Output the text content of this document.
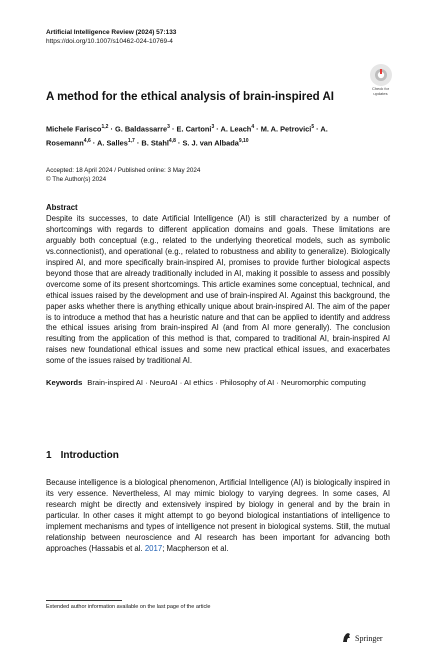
Artificial Intelligence Review (2024) 57:133
https://doi.org/10.1007/s10462-024-10769-4
Check for
updates
A method for the ethical analysis of brain-inspired AI
Michele Farisco$^{1,2}$ · G. Baldassarre$^3$ · E. Cartoni$^3$ · A. Leach$^4$ · M. A. Petrovici$^5$ · A. Rosemann$^{4,6}$ · A. Salles$^{1,7}$ · B. Stahl$^{4,8}$ · S. J. van Albada$^{9,10}$
Accepted: 18 April 2024 / Published online: 3 May 2024
© The Author(s) 2024
Abstract
Despite its successes, to date Artificial Intelligence (AI) is still characterized by a number of shortcomings with regards to different application domains and goals. These limitations are arguably both conceptual (e.g., related to the underlying theoretical models, such as symbolic vs.connectionist), and operational (e.g., related to robustness and ability to generalize). Biologically inspired AI, and more specifically brain-inspired AI, promises to provide further biological aspects beyond those that are already traditionally included in AI, making it possible to assess and possibly overcome some of its present shortcomings. This article examines some conceptual, technical, and ethical issues raised by the development and use of brain-inspired AI. Against this background, the paper asks whether there is anything ethically unique about brain-inspired AI. The aim of the paper is to introduce a method that has a heuristic nature and that can be applied to identify and address the ethical issues arising from brain-inspired AI (and from AI more generally). The conclusion resulting from the application of this method is that, compared to traditional AI, brain-inspired AI raises new foundational ethical issues and some new practical ethical issues, and exacerbates some of the issues raised by traditional AI.
Keywords Brain-inspired AI · NeuroAI · AI ethics · Philosophy of AI · Neuromorphic computing
1 Introduction
Because intelligence is a biological phenomenon, Artificial Intelligence (AI) is biologically inspired in its very essence. Nevertheless, AI may mimic biology to varying degrees. In some cases, AI research might be directly and extensively inspired by biology in general and by the brain in particular. In other cases it might attempt to go beyond biological instantiations of intelligence to implement mechanisms and types of intelligence not present in biological systems. Still, the mutual relationship between neuroscience and AI research has been important for advancing both approaches (Hassabis et al. 2017; Macpherson et al.
Extended author information available on the last page of the article
Springer
